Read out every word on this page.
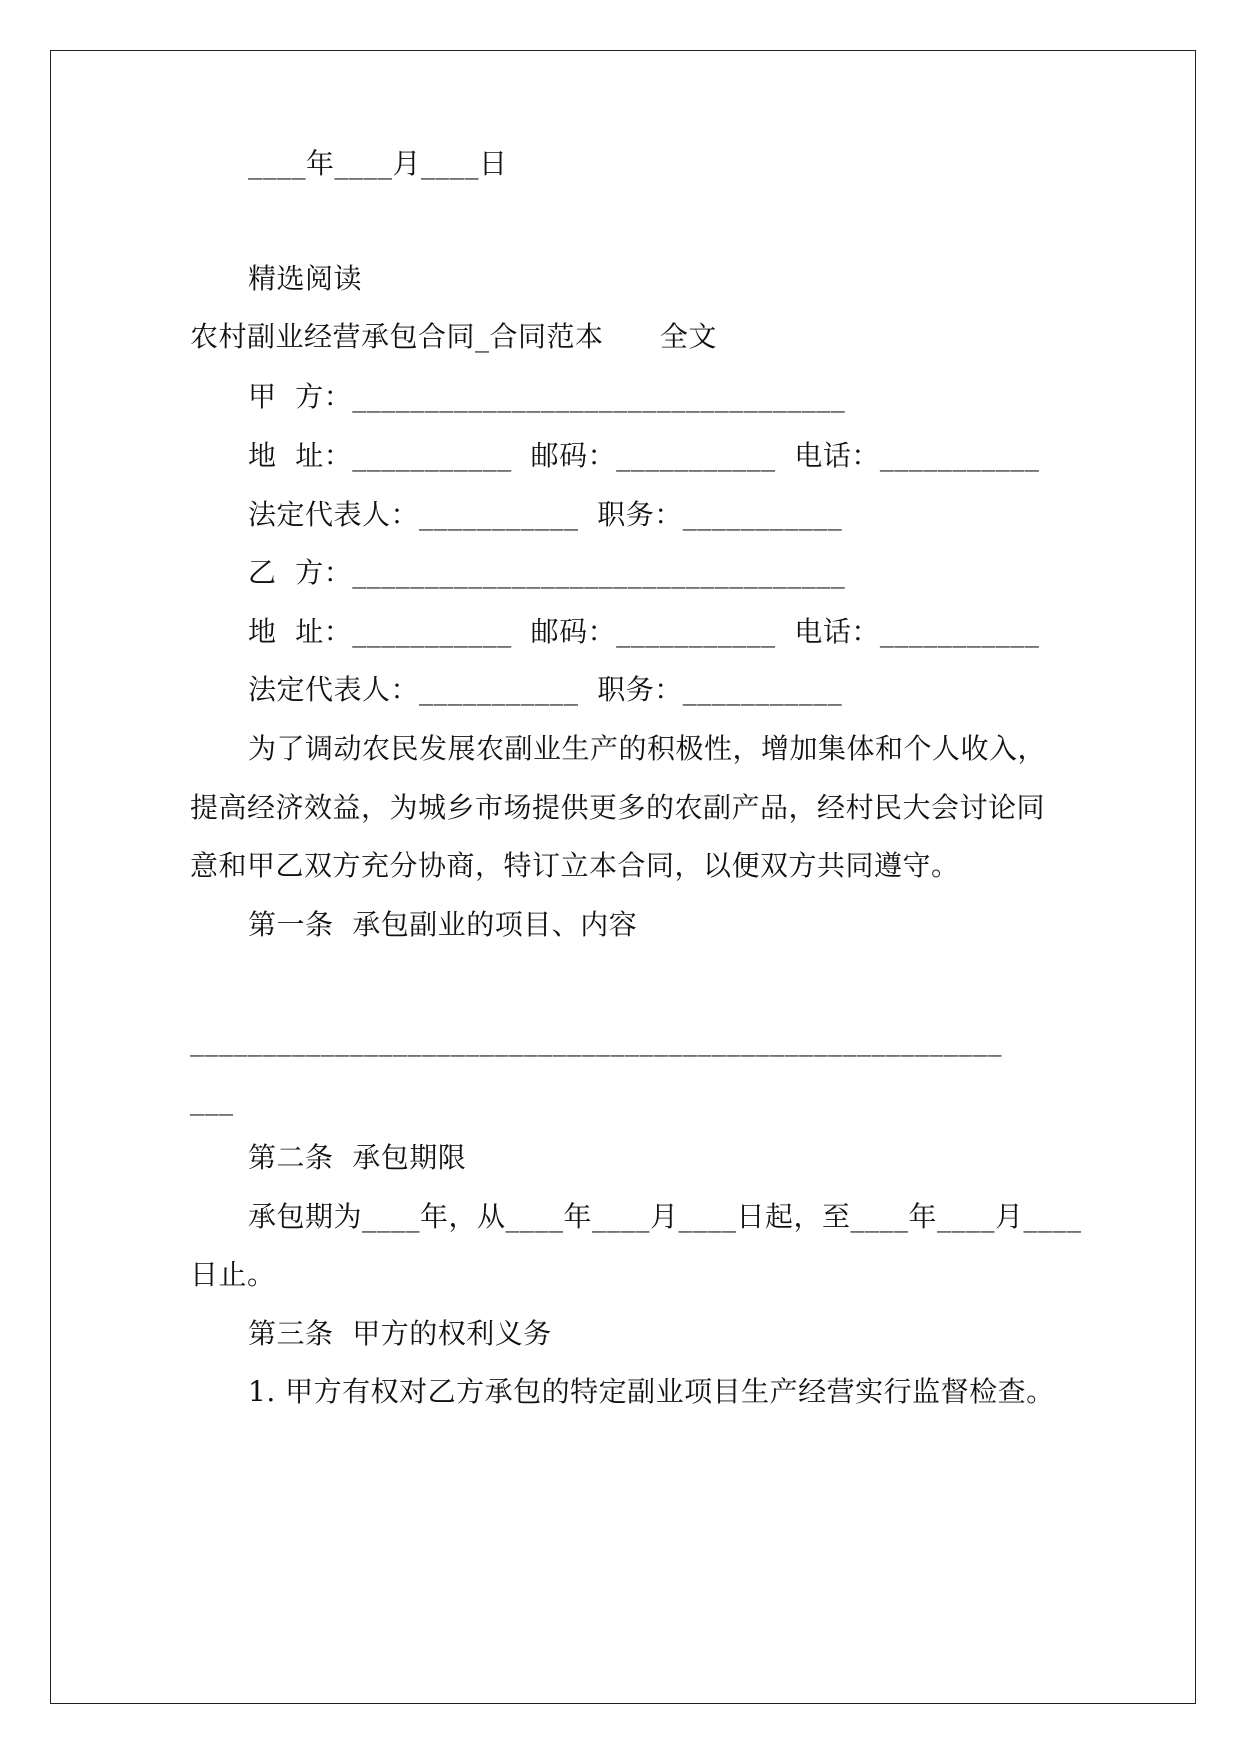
____年____月____日
精选阅读
农村副业经营承包合同_合同范本      全文
甲  方：__________________________________
地  址：___________  邮码：___________  电话：___________
法定代表人：___________  职务：___________
乙  方：__________________________________
地  址：___________  邮码：___________  电话：___________
法定代表人：___________  职务：___________
为了调动农民发展农副业生产的积极性，增加集体和个人收入，
提高经济效益，为城乡市场提供更多的农副产品，经村民大会讨论同
意和甲乙双方充分协商，特订立本合同，以便双方共同遵守。
第一条  承包副业的项目、内容
________________________________________________________
___
第二条  承包期限
承包期为____年，从____年____月____日起，至____年____月____
日止。
第三条  甲方的权利义务
1. 甲方有权对乙方承包的特定副业项目生产经营实行监督检查。
